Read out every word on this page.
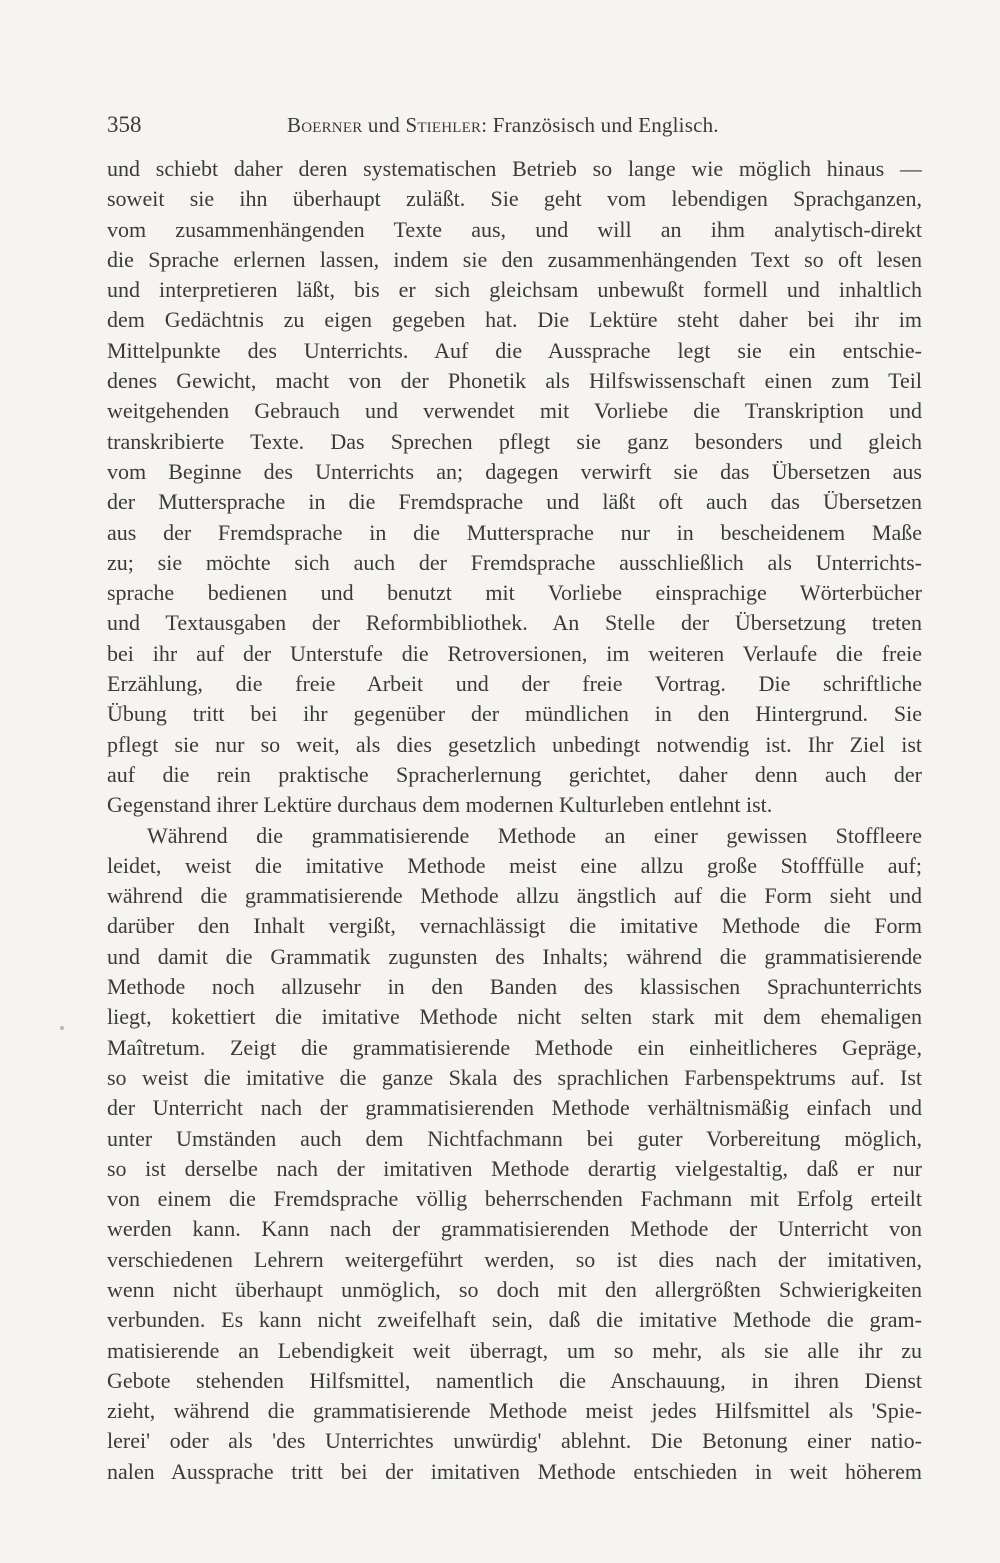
358	Boerner und Stiehler: Französisch und Englisch.
und schiebt daher deren systematischen Betrieb so lange wie möglich hinaus —
soweit sie ihn überhaupt zuläßt. Sie geht vom lebendigen Sprachganzen,
vom zusammenhängenden Texte aus, und will an ihm analytisch-direkt
die Sprache erlernen lassen, indem sie den zusammenhängenden Text so oft lesen
und interpretieren läßt, bis er sich gleichsam unbewußt formell und inhaltlich
dem Gedächtnis zu eigen gegeben hat. Die Lektüre steht daher bei ihr im
Mittelpunkte des Unterrichts. Auf die Aussprache legt sie ein entschie-
denes Gewicht, macht von der Phonetik als Hilfswissenschaft einen zum Teil
weitgehenden Gebrauch und verwendet mit Vorliebe die Transkription und
transkribierte Texte. Das Sprechen pflegt sie ganz besonders und gleich
vom Beginne des Unterrichts an; dagegen verwirft sie das Übersetzen aus
der Muttersprache in die Fremdsprache und läßt oft auch das Übersetzen
aus der Fremdsprache in die Muttersprache nur in bescheidenem Maße
zu; sie möchte sich auch der Fremdsprache ausschließlich als Unterrichts-
sprache bedienen und benutzt mit Vorliebe einsprachige Wörterbücher
und Textausgaben der Reformbibliothek. An Stelle der Übersetzung treten
bei ihr auf der Unterstufe die Retroversionen, im weiteren Verlaufe die freie
Erzählung, die freie Arbeit und der freie Vortrag. Die schriftliche
Übung tritt bei ihr gegenüber der mündlichen in den Hintergrund. Sie
pflegt sie nur so weit, als dies gesetzlich unbedingt notwendig ist. Ihr Ziel ist
auf die rein praktische Spracherlernung gerichtet, daher denn auch der
Gegenstand ihrer Lektüre durchaus dem modernen Kulturleben entlehnt ist.
Während die grammatisierende Methode an einer gewissen Stoffleere
leidet, weist die imitative Methode meist eine allzu große Stofffülle auf;
während die grammatisierende Methode allzu ängstlich auf die Form sieht und
darüber den Inhalt vergißt, vernachlässigt die imitative Methode die Form
und damit die Grammatik zugunsten des Inhalts; während die grammatisierende
Methode noch allzusehr in den Banden des klassischen Sprachunterrichts
liegt, kokettiert die imitative Methode nicht selten stark mit dem ehemaligen
Maîtretum. Zeigt die grammatisierende Methode ein einheitlicheres Gepräge,
so weist die imitative die ganze Skala des sprachlichen Farbenspektrums auf. Ist
der Unterricht nach der grammatisierenden Methode verhältnismäßig einfach und
unter Umständen auch dem Nichtfachmann bei guter Vorbereitung möglich,
so ist derselbe nach der imitativen Methode derartig vielgestaltig, daß er nur
von einem die Fremdsprache völlig beherrschenden Fachmann mit Erfolg erteilt
werden kann. Kann nach der grammatisierenden Methode der Unterricht von
verschiedenen Lehrern weitergeführt werden, so ist dies nach der imitativen,
wenn nicht überhaupt unmöglich, so doch mit den allergrößten Schwierigkeiten
verbunden. Es kann nicht zweifelhaft sein, daß die imitative Methode die gram-
matisierende an Lebendigkeit weit überragt, um so mehr, als sie alle ihr zu
Gebote stehenden Hilfsmittel, namentlich die Anschauung, in ihren Dienst
zieht, während die grammatisierende Methode meist jedes Hilfsmittel als 'Spie-
lerei' oder als 'des Unterrichtes unwürdig' ablehnt. Die Betonung einer natio-
nalen Aussprache tritt bei der imitativen Methode entschieden in weit höherem
